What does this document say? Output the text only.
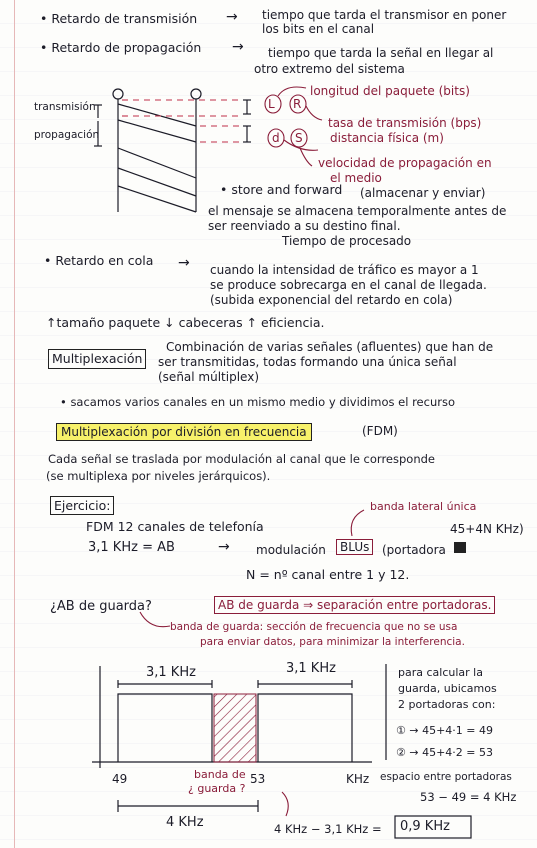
• Retardo de transmisión → tiempo que tarda el transmisor en poner
los bits en el canal
• Retardo de propagación → tiempo que tarda la señal en llegar al
otro extremo del sistema
transmisión
propagación
L R
d S
longitud del paquete (bits)
tasa de transmisión (bps)
distancia física (m)
velocidad de propagación en
el medio
• store and forward (almacenar y enviar)
el mensaje se almacena temporalmente antes de
ser reenviado a su destino final.
Tiempo de procesado
• Retardo en cola → cuando la intensidad de tráfico es mayor a 1
se produce sobrecarga en el canal de llegada.
(subida exponencial del retardo en cola)
↑tamaño paquete ↓ cabeceras ↑ eficiencia.
Multiplexación
Combinación de varias señales (afluentes) que han de
ser transmitidas, todas formando una única señal
(señal múltiplex)
• sacamos varios canales en un mismo medio y dividimos el recurso
Multiplexación por división en frecuencia	(FDM)
Cada señal se traslada por modulación al canal que le corresponde
(se multiplexa por niveles jerárquicos).
Ejercicio:	banda lateral única
FDM 12 canales de telefonía
3,1 KHz = AB	→ modulación	BLUs	(portadora
45+4N KHz)
N = nº canal entre 1 y 12.
¿AB de guarda?	AB de guarda ⇒ separación entre portadoras.
banda de guarda: sección de frecuencia que no se usa
para enviar datos, para minimizar la interferencia.
3,1 KHz	3,1 KHz
49	53	KHz
banda de
¿ guarda ?
4 KHz	4 KHz − 3,1 KHz = 0,9 KHz
para calcular la
guarda, ubicamos
2 portadoras con:
① → 45+4·1 = 49
② → 45+4·2 = 53
espacio entre portadoras
53 − 49 = 4 KHz
